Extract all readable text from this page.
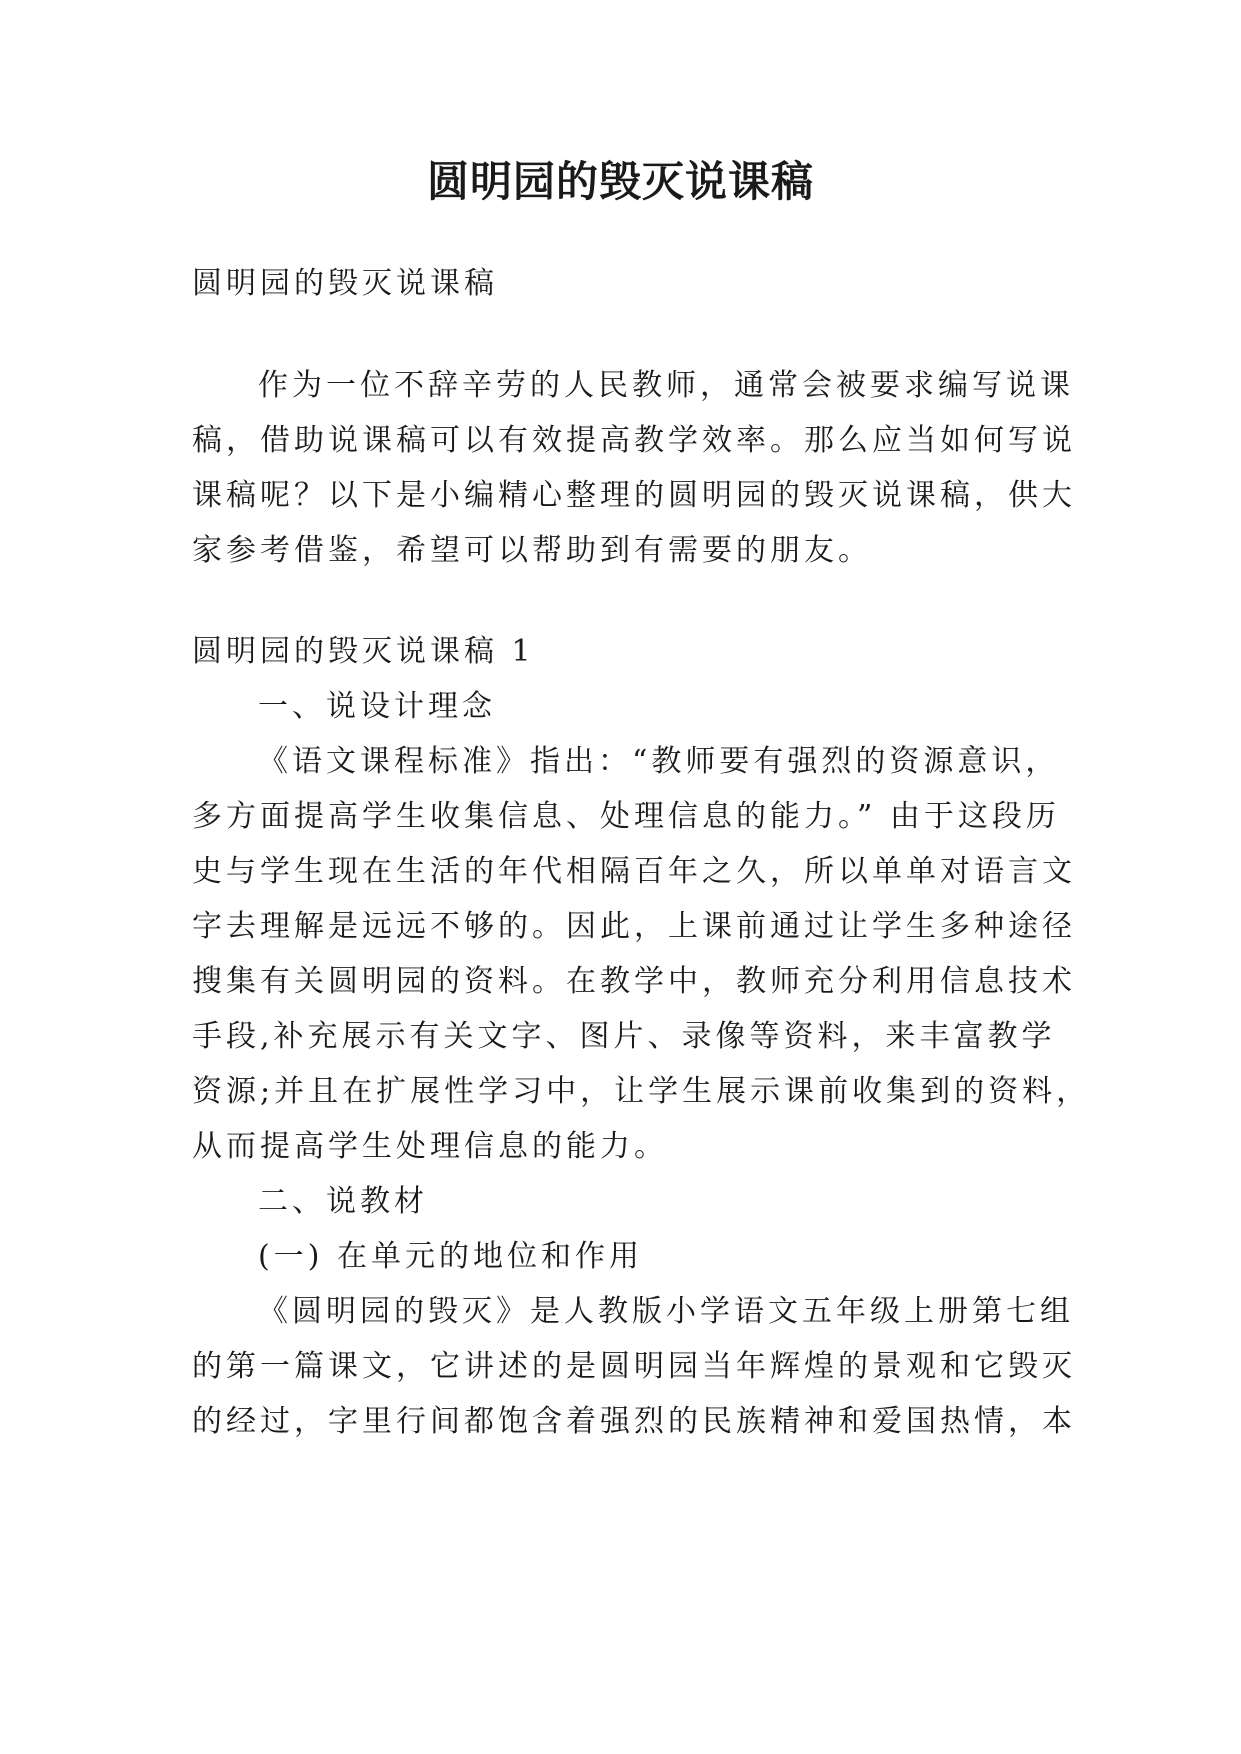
圆明园的毁灭说课稿
圆明园的毁灭说课稿
作为一位不辞辛劳的人民教师，通常会被要求编写说课
稿，借助说课稿可以有效提高教学效率。那么应当如何写说
课稿呢？以下是小编精心整理的圆明园的毁灭说课稿，供大
家参考借鉴，希望可以帮助到有需要的朋友。
圆明园的毁灭说课稿 1
一、说设计理念
《语文课程标准》指出：“教师要有强烈的资源意识，
多方面提高学生收集信息、处理信息的能力。” 由于这段历
史与学生现在生活的年代相隔百年之久，所以单单对语言文
字去理解是远远不够的。因此，上课前通过让学生多种途径
搜集有关圆明园的资料。在教学中，教师充分利用信息技术
手段,补充展示有关文字、图片、录像等资料，来丰富教学
资源;并且在扩展性学习中，让学生展示课前收集到的资料，
从而提高学生处理信息的能力。
二、说教材
(一) 在单元的地位和作用
《圆明园的毁灭》是人教版小学语文五年级上册第七组
的第一篇课文，它讲述的是圆明园当年辉煌的景观和它毁灭
的经过，字里行间都饱含着强烈的民族精神和爱国热情，本
